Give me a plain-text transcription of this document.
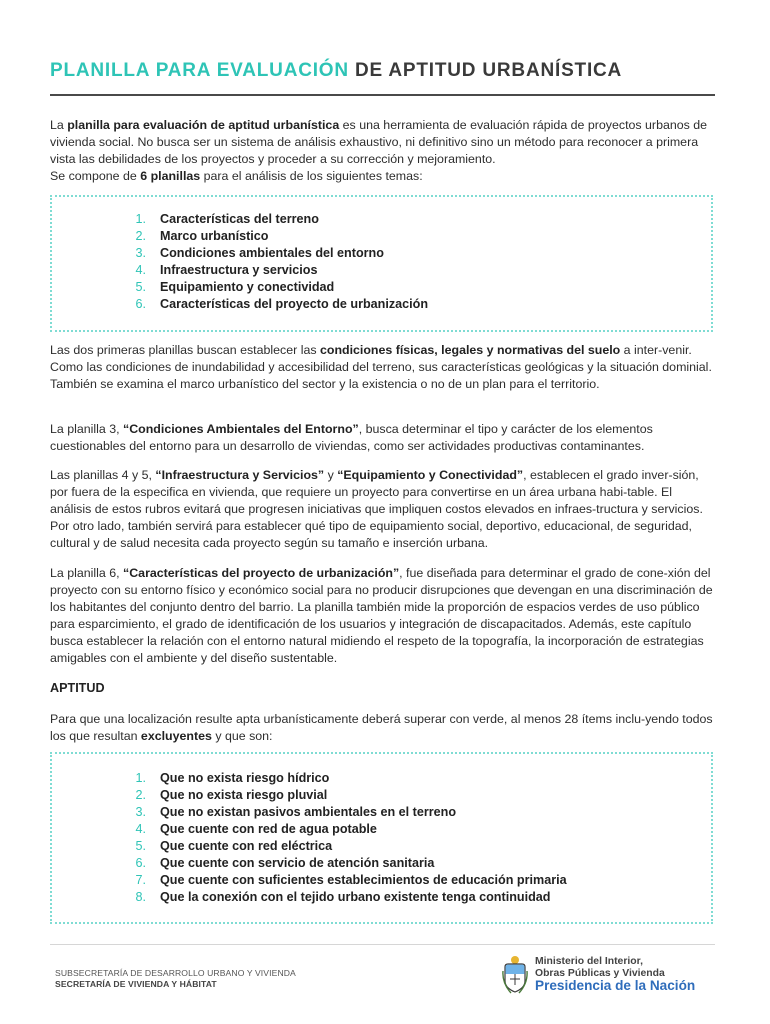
PLANILLA PARA EVALUACIÓN DE APTITUD URBANÍSTICA
La planilla para evaluación de aptitud urbanística es una herramienta de evaluación rápida de proyectos urbanos de vivienda social. No busca ser un sistema de análisis exhaustivo, ni definitivo sino un método para reconocer a primera vista las debilidades de los proyectos y proceder a su corrección y mejoramiento.
Se compone de 6 planillas para el análisis de los siguientes temas:
1. Características del terreno
2. Marco urbanístico
3. Condiciones ambientales del entorno
4. Infraestructura y servicios
5. Equipamiento y conectividad
6. Características del proyecto de urbanización
Las dos primeras planillas buscan establecer las condiciones físicas, legales y normativas del suelo a inter-venir. Como las condiciones de inundabilidad y accesibilidad del terreno, sus características geológicas y la situación dominial. También se examina el marco urbanístico del sector y la existencia o no de un plan para el territorio.
La planilla 3, “Condiciones Ambientales del Entorno”, busca determinar el tipo y carácter de los elementos cuestionables del entorno para un desarrollo de viviendas, como ser actividades productivas contaminantes.
Las planillas 4 y 5, “Infraestructura y Servicios” y “Equipamiento y Conectividad”, establecen el grado inver-sión, por fuera de la especifica en vivienda, que requiere un proyecto para convertirse en un área urbana habi-table. El análisis de estos rubros evitará que progresen iniciativas que impliquen costos elevados en infraes-tructura y servicios. Por otro lado, también servirá para establecer qué tipo de equipamiento social, deportivo, educacional, de seguridad, cultural y de salud necesita cada proyecto según su tamaño e inserción urbana.
La planilla 6, “Características del proyecto de urbanización”, fue diseñada para determinar el grado de cone-xión del proyecto con su entorno físico y económico social para no producir disrupciones que devengan en una discriminación de los habitantes del conjunto dentro del barrio. La planilla también mide la proporción de espacios verdes de uso público para esparcimiento, el grado de identificación de los usuarios y integración de discapacitados. Además, este capítulo busca establecer la relación con el entorno natural midiendo el respeto de la topografía, la incorporación de estrategias amigables con el ambiente y del diseño sustentable.
APTITUD
Para que una localización resulte apta urbanísticamente deberá superar con verde, al menos 28 ítems inclu-yendo todos los que resultan excluyentes y que son:
1. Que no exista riesgo hídrico
2. Que no exista riesgo pluvial
3. Que no existan pasivos ambientales en el terreno
4. Que cuente con red de agua potable
5. Que cuente con red eléctrica
6. Que cuente con servicio de atención sanitaria
7. Que cuente con suficientes establecimientos de educación primaria
8. Que la conexión con el tejido urbano existente tenga continuidad
SUBSECRETARÍA DE DESARROLLO URBANO Y VIVIENDA
SECRETARÍA DE VIVIENDA Y HÁBITAT
Ministerio del Interior,
Obras Públicas y Vivienda
Presidencia de la Nación
